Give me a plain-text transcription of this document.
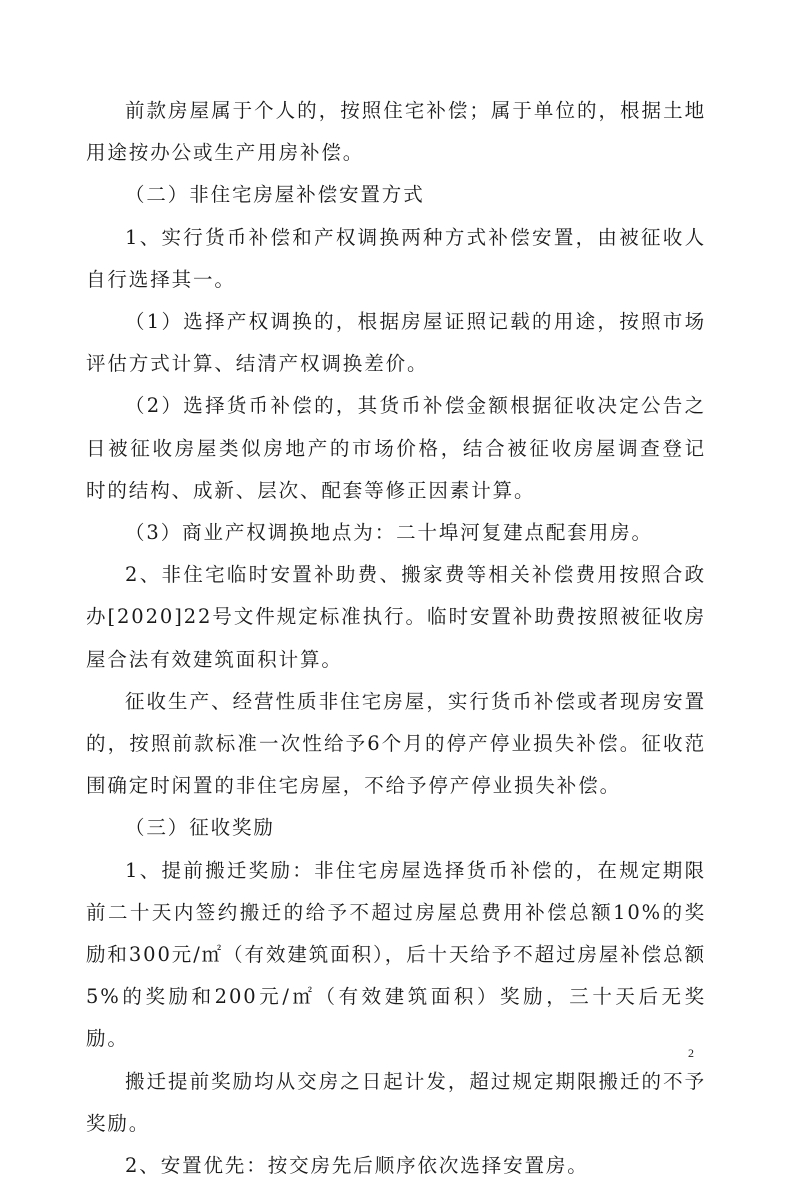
前款房屋属于个人的，按照住宅补偿；属于单位的，根据土地用途按办公或生产用房补偿。

（二）非住宅房屋补偿安置方式

1、实行货币补偿和产权调换两种方式补偿安置，由被征收人自行选择其一。

（1）选择产权调换的，根据房屋证照记载的用途，按照市场评估方式计算、结清产权调换差价。

（2）选择货币补偿的，其货币补偿金额根据征收决定公告之日被征收房屋类似房地产的市场价格，结合被征收房屋调查登记时的结构、成新、层次、配套等修正因素计算。

（3）商业产权调换地点为：二十埠河复建点配套用房。

2、非住宅临时安置补助费、搬家费等相关补偿费用按照合政办[2020]22号文件规定标准执行。临时安置补助费按照被征收房屋合法有效建筑面积计算。

征收生产、经营性质非住宅房屋，实行货币补偿或者现房安置的，按照前款标准一次性给予6个月的停产停业损失补偿。征收范围确定时闲置的非住宅房屋，不给予停产停业损失补偿。

（三）征收奖励

1、提前搬迁奖励：非住宅房屋选择货币补偿的，在规定期限前二十天内签约搬迁的给予不超过房屋总费用补偿总额10%的奖励和300元/㎡（有效建筑面积），后十天给予不超过房屋补偿总额5%的奖励和200元/㎡（有效建筑面积）奖励，三十天后无奖励。

搬迁提前奖励均从交房之日起计发，超过规定期限搬迁的不予奖励。

2、安置优先：按交房先后顺序依次选择安置房。

2
